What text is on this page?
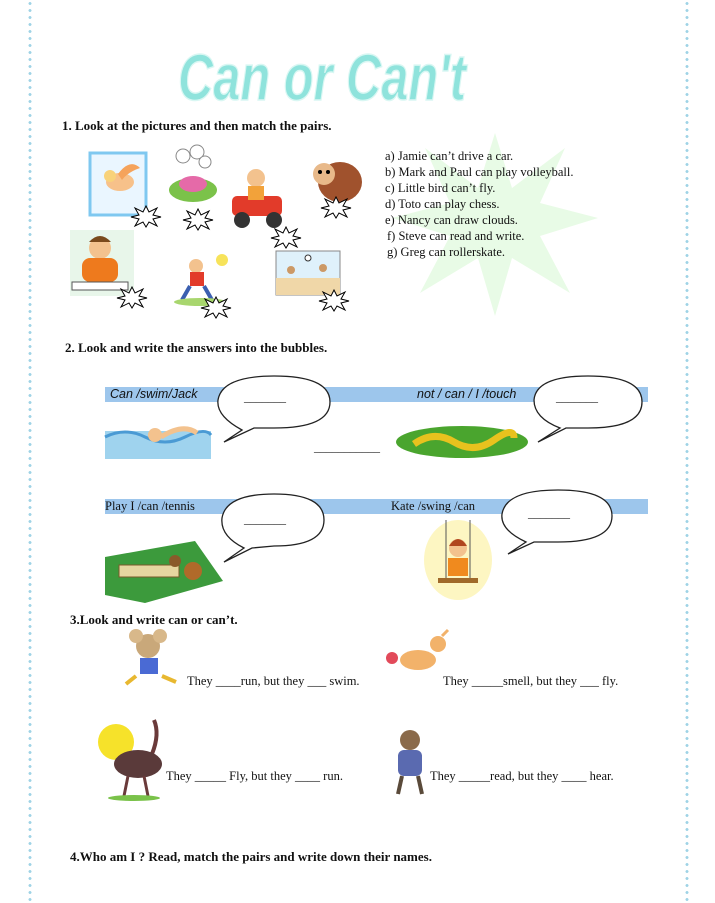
Can or Can't
1. Look at the pictures and then match the pairs.
a) Jamie can’t drive a car.
b) Mark and Paul can play volleyball.
c) Little bird can’t fly.
d) Toto can play chess.
e) Nancy can draw clouds.
f) Steve can read and write.
g) Greg can rollerskate.
2. Look and write the answers into the bubbles.
Can /swim/Jack	not / can / I /touch
_______	_______
___________
Play I /can /tennis	Kate /swing /can
_______	_______
3.Look and write can or can’t.
They ____run, but they ___ swim.	They _____smell, but they ___ fly.
They _____ Fly, but they ____ run.	They _____read, but they ____ hear.
4.Who am I ? Read, match the pairs and write down their names.
